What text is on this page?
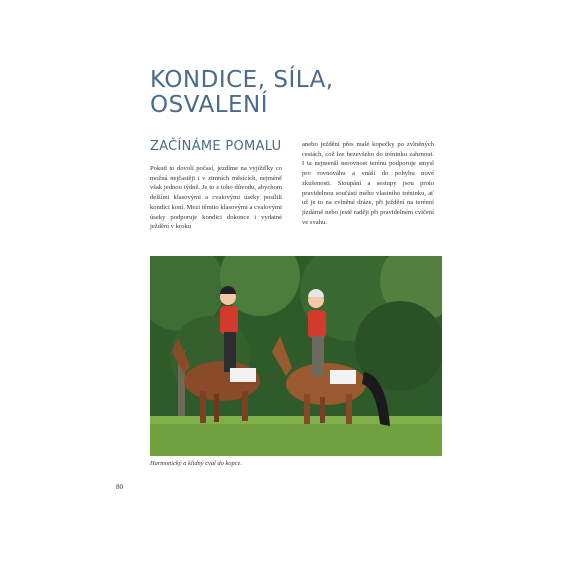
KONDICE, SÍLA,
OSVALENÍ
ZAČÍNÁME POMALU
Pokud to dovolí počasí, jezdíme na vyjížďky co možná nejčastěji i v zimních měsících, nejméně však jednou týdně. Je to z toho důvodu, abychom delšími klasovými a cvalovými úseky posílili kondici koní. Mezi těmito klasovými a cvalovými úseky podporuje kondici dokonce i vydatné ježdění v kroku
anebo ježdění přes malé kopečky po zvlněných cestách, což lze bezevšeho do tréninku zahrnout. I ta nejmenší nerovnost terénu podporuje smysl pro rovnováhu a vnáší do pohybu nové zkušenosti. Stoupání a sestupy jsou proto pravidelnou součástí mého vlastního tréninku, ať už je to na zvlněné dráze, při ježdění na terénní jízdárně nebo jestě raději při pravidelném cvičení ve svahu.
Harmonický a klidný cval do kopce.
80
